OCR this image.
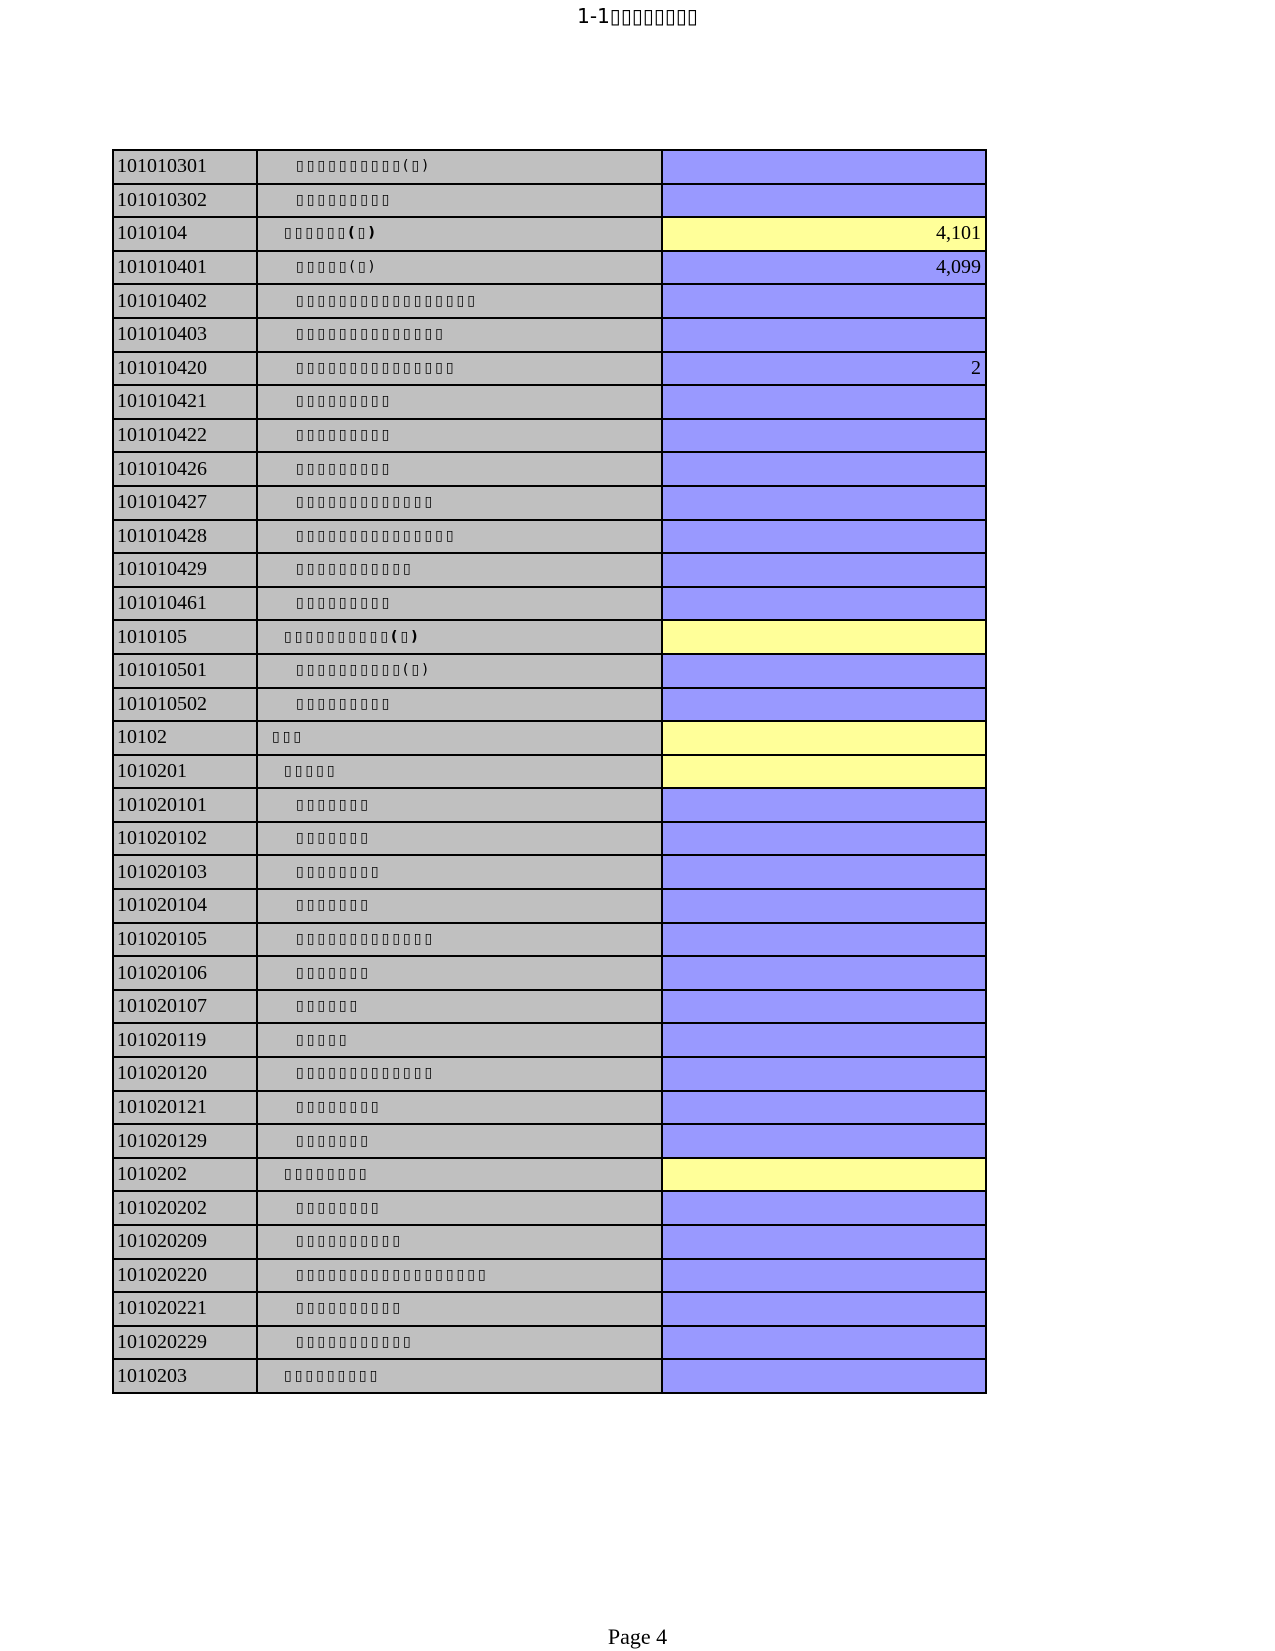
1-1▯▯▯▯▯▯▯▯
101010301	▯▯▯▯▯▯▯▯▯▯(▯)	
101010302	▯▯▯▯▯▯▯▯▯	
1010104	▯▯▯▯▯▯(▯)	4,101
101010401	▯▯▯▯▯(▯)	4,099
101010402	▯▯▯▯▯▯▯▯▯▯▯▯▯▯▯▯▯	
101010403	▯▯▯▯▯▯▯▯▯▯▯▯▯▯	
101010420	▯▯▯▯▯▯▯▯▯▯▯▯▯▯▯	2
101010421	▯▯▯▯▯▯▯▯▯	
101010422	▯▯▯▯▯▯▯▯▯	
101010426	▯▯▯▯▯▯▯▯▯	
101010427	▯▯▯▯▯▯▯▯▯▯▯▯▯	
101010428	▯▯▯▯▯▯▯▯▯▯▯▯▯▯▯	
101010429	▯▯▯▯▯▯▯▯▯▯▯	
101010461	▯▯▯▯▯▯▯▯▯	
1010105	▯▯▯▯▯▯▯▯▯▯(▯)	
101010501	▯▯▯▯▯▯▯▯▯▯(▯)	
101010502	▯▯▯▯▯▯▯▯▯	
10102	▯▯▯	
1010201	▯▯▯▯▯	
101020101	▯▯▯▯▯▯▯	
101020102	▯▯▯▯▯▯▯	
101020103	▯▯▯▯▯▯▯▯	
101020104	▯▯▯▯▯▯▯	
101020105	▯▯▯▯▯▯▯▯▯▯▯▯▯	
101020106	▯▯▯▯▯▯▯	
101020107	▯▯▯▯▯▯	
101020119	▯▯▯▯▯	
101020120	▯▯▯▯▯▯▯▯▯▯▯▯▯	
101020121	▯▯▯▯▯▯▯▯	
101020129	▯▯▯▯▯▯▯	
1010202	▯▯▯▯▯▯▯▯	
101020202	▯▯▯▯▯▯▯▯	
101020209	▯▯▯▯▯▯▯▯▯▯	
101020220	▯▯▯▯▯▯▯▯▯▯▯▯▯▯▯▯▯▯	
101020221	▯▯▯▯▯▯▯▯▯▯	
101020229	▯▯▯▯▯▯▯▯▯▯▯	
1010203	▯▯▯▯▯▯▯▯▯	
Page 4
